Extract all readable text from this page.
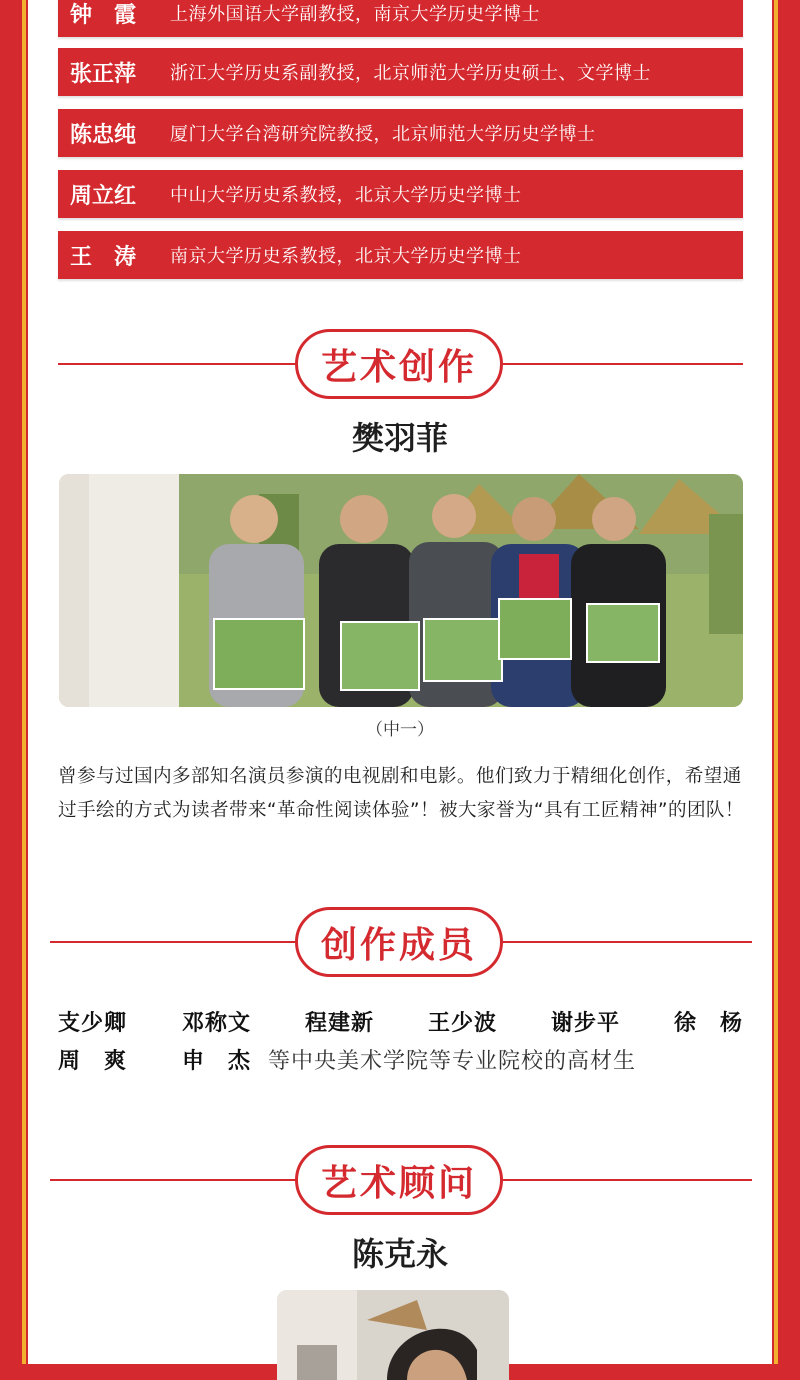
钟　霞	上海外国语大学副教授，南京大学历史学博士
张正萍	浙江大学历史系副教授，北京师范大学历史硕士、文学博士
陈忠纯	厦门大学台湾研究院教授，北京师范大学历史学博士
周立红	中山大学历史系教授，北京大学历史学博士
王　涛	南京大学历史系教授，北京大学历史学博士
艺术创作
樊羽菲
（中一）
曾参与过国内多部知名演员参演的电视剧和电影。他们致力于精细化创作，希望通过手绘的方式为读者带来“革命性阅读体验”！被大家誉为“具有工匠精神”的团队！
创作成员
支少卿 邓称文 程建新 王少波 谢步平 徐　杨
周　爽 申　杰 等中央美术学院等专业院校的高材生
艺术顾问
陈克永
